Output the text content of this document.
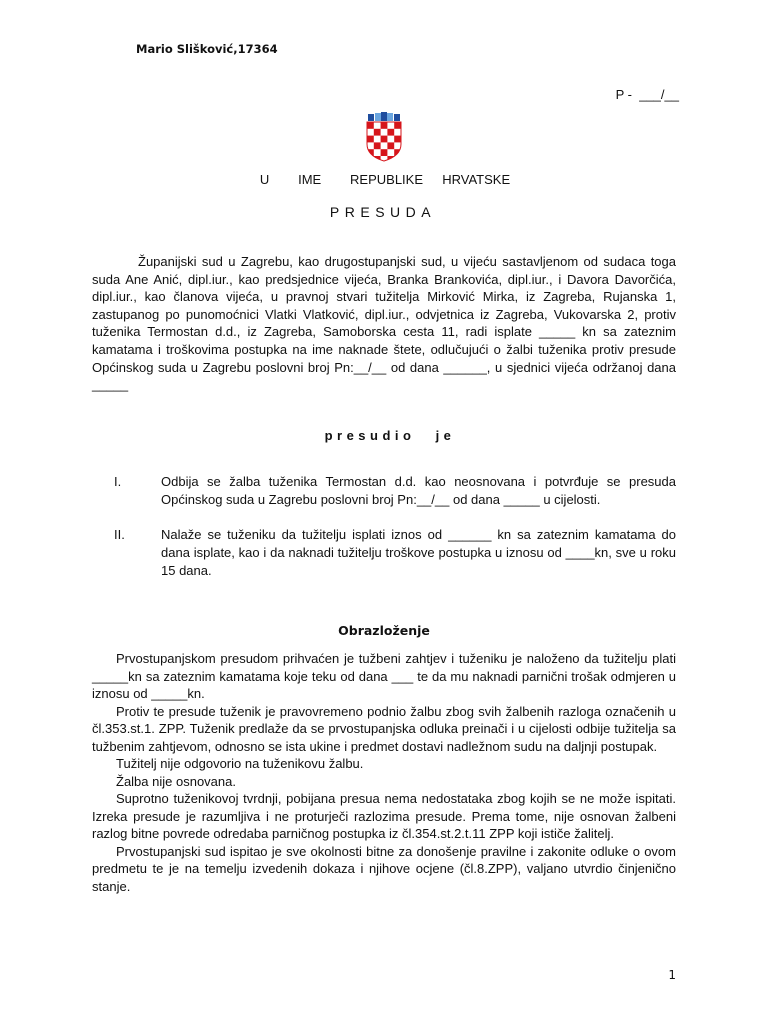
Mario Slišković,17364
P -  ___/__
U   IME   REPUBLIKE  HRVATSKE
PRESUDA

Županijski sud u Zagrebu, kao drugostupanjski sud, u vijeću sastavljenom od sudaca toga suda Ane Anić, dipl.iur., kao predsjednice vijeća, Branka Brankovića, dipl.iur., i Davora Davorčića, dipl.iur., kao članova vijeća, u pravnoj stvari tužitelja Mirković Mirka, iz Zagreba, Rujanska 1, zastupanog po punomoćnici Vlatki Vlatković, dipl.iur., odvjetnica iz Zagreba, Vukovarska 2, protiv tuženika Termostan d.d., iz Zagreba, Samoborska cesta 11, radi isplate _____ kn sa zateznim kamatama i troškovima postupka na ime naknade štete, odlučujući o žalbi tuženika protiv presude Općinskog suda u Zagrebu poslovni broj Pn:__/__ od dana ______, u sjednici vijeća održanoj dana _____

presudio je
I.	Odbija se žalba tuženika Termostan d.d. kao neosnovana i potvrđuje se presuda Općinskog suda u Zagrebu poslovni broj Pn:__/__ od dana _____ u cijelosti.
II.	Nalaže se tuženiku da tužitelju isplati iznos od ______ kn sa zateznim kamatama do dana isplate, kao i da naknadi tužitelju troškove postupka u iznosu od ____kn, sve u roku 15 dana.
Obrazloženje

Prvostupanjskom presudom prihvaćen je tužbeni zahtjev i tuženiku je naloženo da tužitelju plati _____kn sa zateznim kamatama koje teku od dana ___ te da mu naknadi parnični trošak odmjeren u iznosu od _____kn.

Protiv te presude tuženik je pravovremeno podnio žalbu zbog svih žalbenih razloga označenih u čl.353.st.1. ZPP. Tuženik predlaže da se prvostupanjska odluka preinači i u cijelosti odbije tužitelja sa tužbenim zahtjevom, odnosno se ista ukine i predmet dostavi nadležnom sudu na daljnji postupak.

Tužitelj nije odgovorio na tuženikovu žalbu.

Žalba nije osnovana.

Suprotno tuženikovoj tvrdnji, pobijana presua nema nedostataka zbog kojih se ne može ispitati. Izreka presude je razumljiva i ne proturječi razlozima presude. Prema tome, nije osnovan žalbeni razlog bitne povrede odredaba parničnog postupka iz čl.354.st.2.t.11 ZPP koji ističe žalitelj.

Prvostupanjski sud ispitao je sve okolnosti bitne za donošenje pravilne i zakonite odluke o ovom predmetu te je na temelju izvedenih dokaza i njihove ocjene (čl.8.ZPP), valjano utvrdio činjenično stanje.

1
